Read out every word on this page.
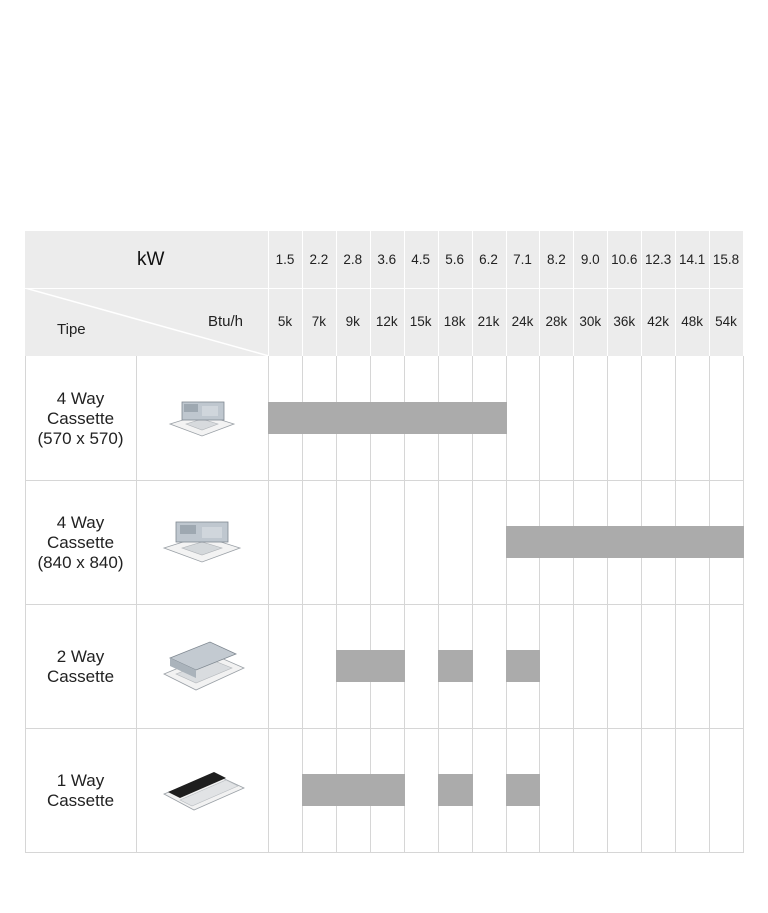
kW
Btu/h
Tipe
4 Way
Cassette
(570 x 570)
4 Way
Cassette
(840 x 840)
2 Way
Cassette
1 Way
Cassette
1.5
5k
2.2
7k
2.8
9k
3.6
12k
4.5
15k
5.6
18k
6.2
21k
7.1
24k
8.2
28k
9.0
30k
10.6
36k
12.3
42k
14.1
48k
15.8
54k
